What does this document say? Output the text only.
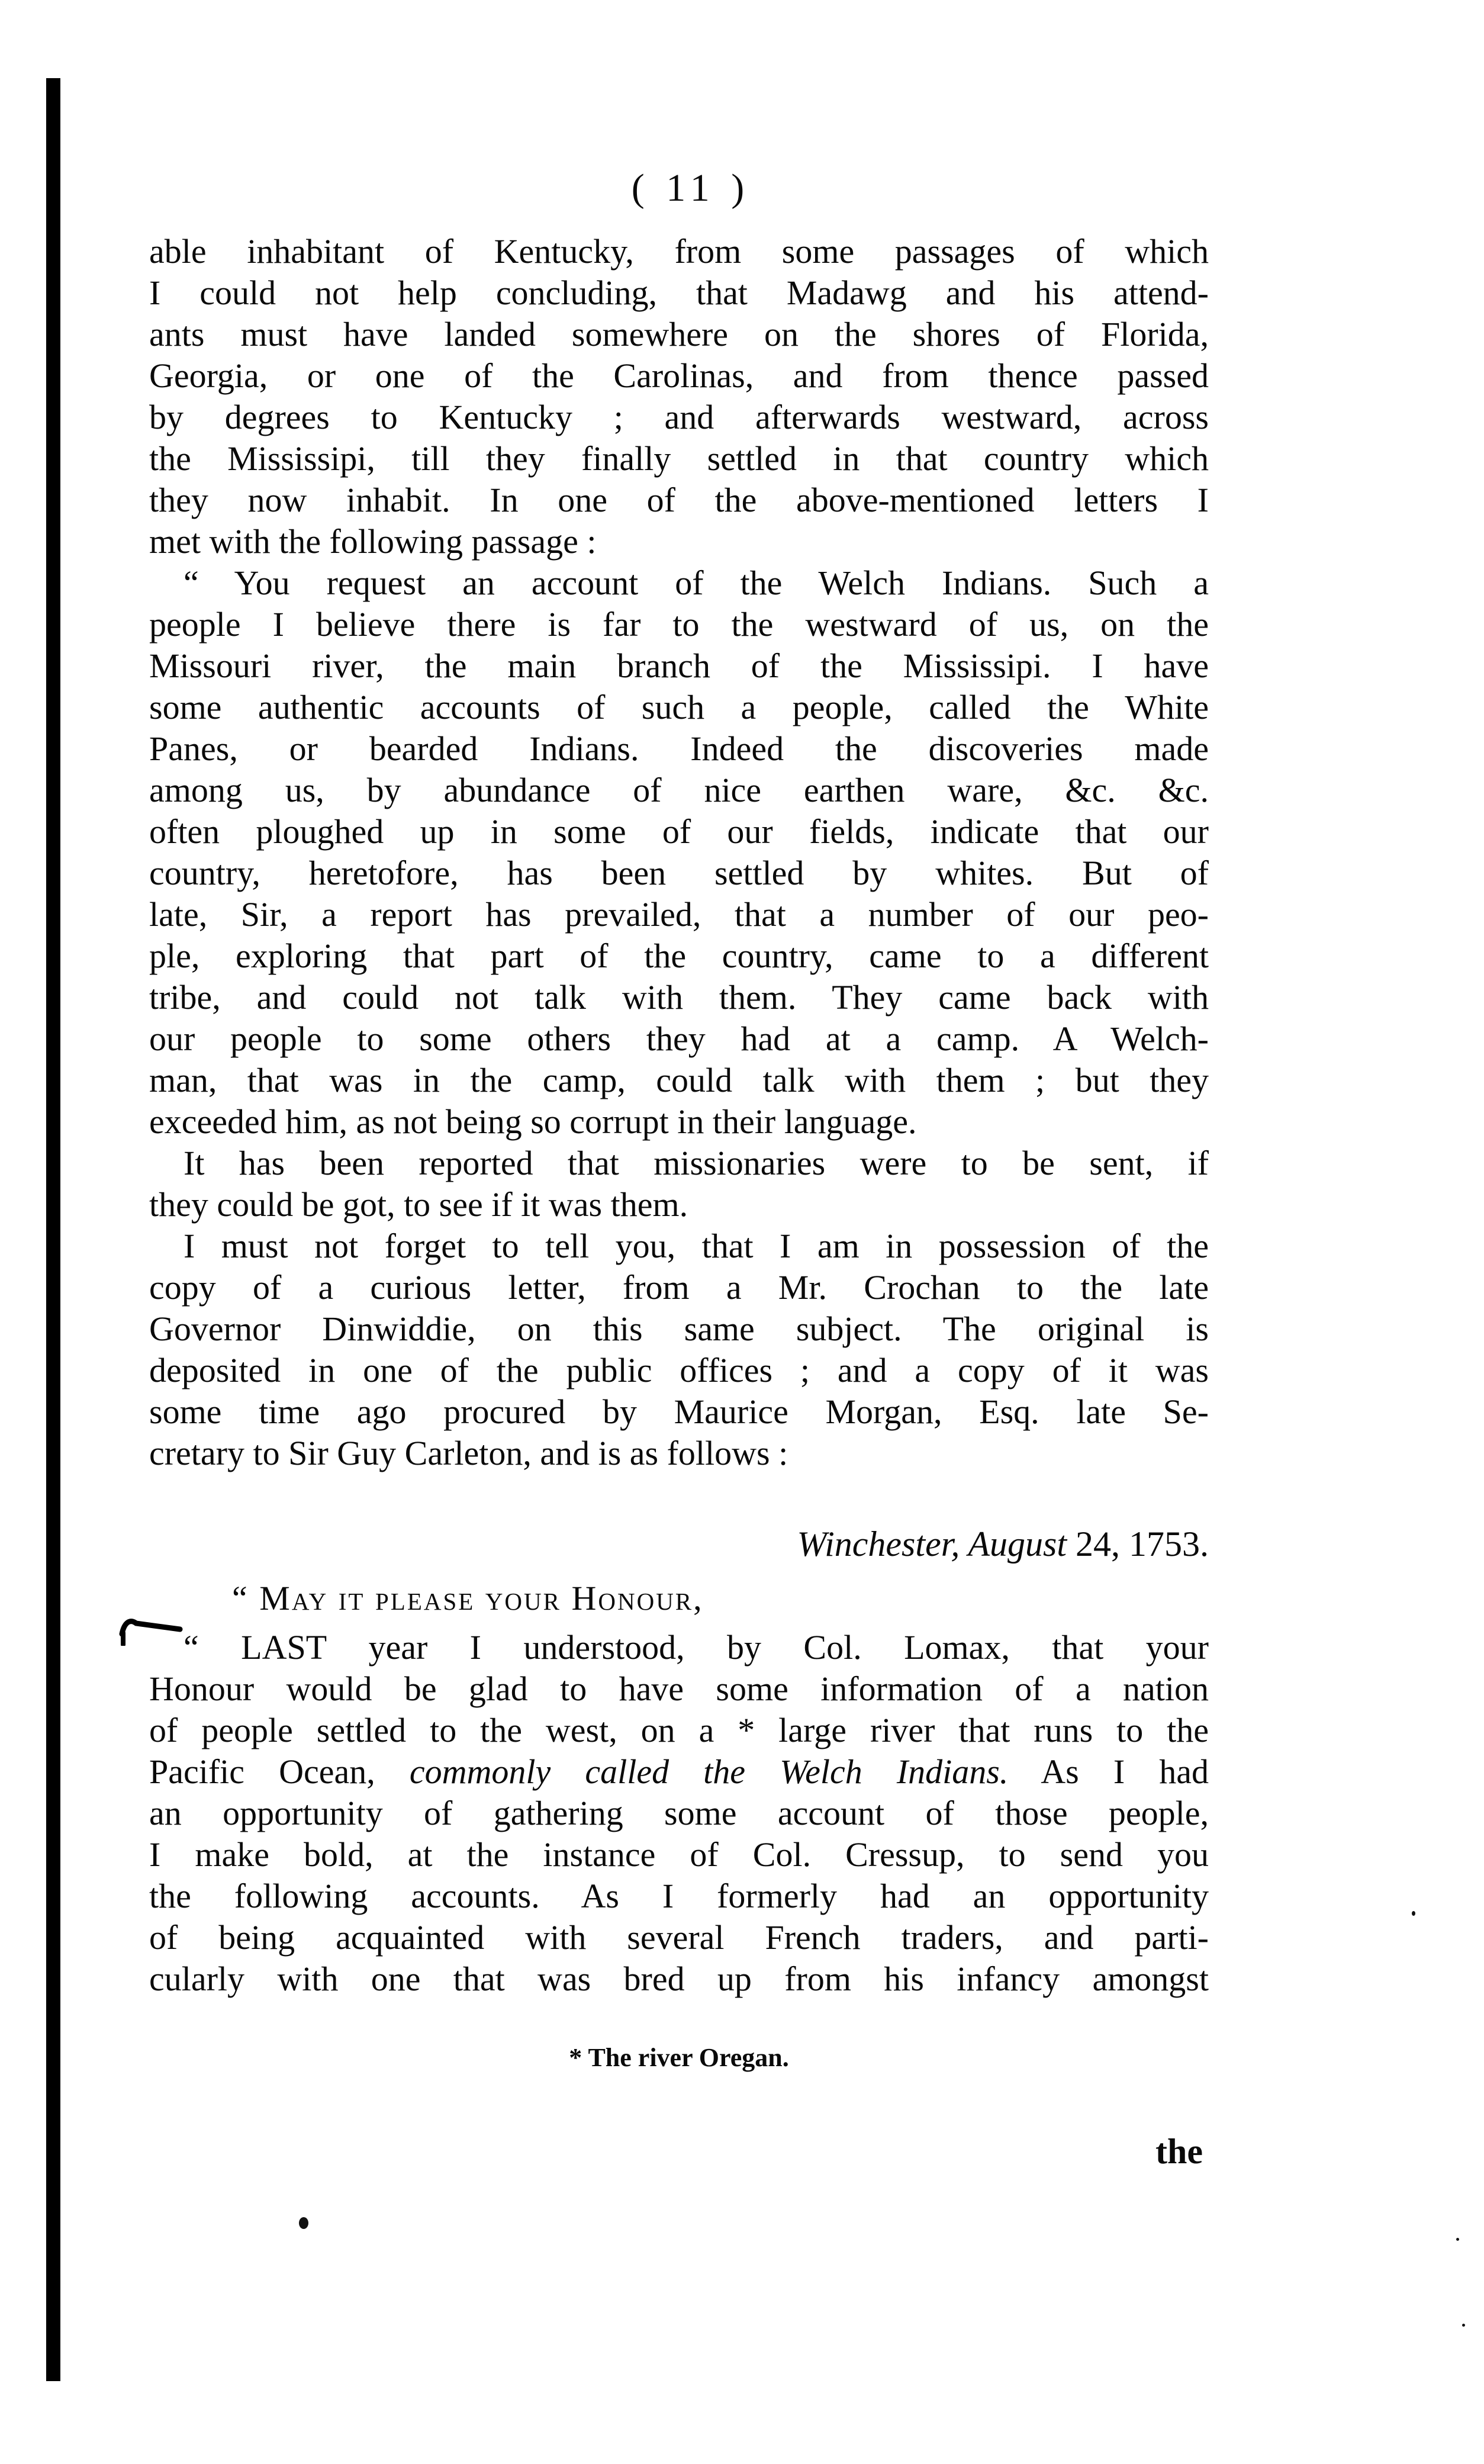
( 11 )
able inhabitant of Kentucky, from some passages of which
I could not help concluding, that Madawg and his attend-
ants must have landed somewhere on the shores of Florida,
Georgia, or one of the Carolinas, and from thence passed
by degrees to Kentucky ; and afterwards westward, across
the Mississipi, till they finally settled in that country which
they now inhabit. In one of the above-mentioned letters I
met with the following passage :
“ You request an account of the Welch Indians. Such a
people I believe there is far to the westward of us, on the
Missouri river, the main branch of the Mississipi. I have
some authentic accounts of such a people, called the White
Panes, or bearded Indians. Indeed the discoveries made
among us, by abundance of nice earthen ware, &c. &c.
often ploughed up in some of our fields, indicate that our
country, heretofore, has been settled by whites. But of
late, Sir, a report has prevailed, that a number of our peo-
ple, exploring that part of the country, came to a different
tribe, and could not talk with them. They came back with
our people to some others they had at a camp. A Welch-
man, that was in the camp, could talk with them ; but they
exceeded him, as not being so corrupt in their language.
It has been reported that missionaries were to be sent, if
they could be got, to see if it was them.
I must not forget to tell you, that I am in possession of the
copy of a curious letter, from a Mr. Crochan to the late
Governor Dinwiddie, on this same subject. The original is
deposited in one of the public offices ; and a copy of it was
some time ago procured by Maurice Morgan, Esq. late Se-
cretary to Sir Guy Carleton, and is as follows :
Winchester, August 24, 1753.
“ May it please your Honour,
“ LAST year I understood, by Col. Lomax, that your
Honour would be glad to have some information of a nation
of people settled to the west, on a * large river that runs to the
Pacific Ocean, commonly called the Welch Indians. As I had
an opportunity of gathering some account of those people,
I make bold, at the instance of Col. Cressup, to send you
the following accounts. As I formerly had an opportunity
of being acquainted with several French traders, and parti-
cularly with one that was bred up from his infancy amongst
* The river Oregan.
the
